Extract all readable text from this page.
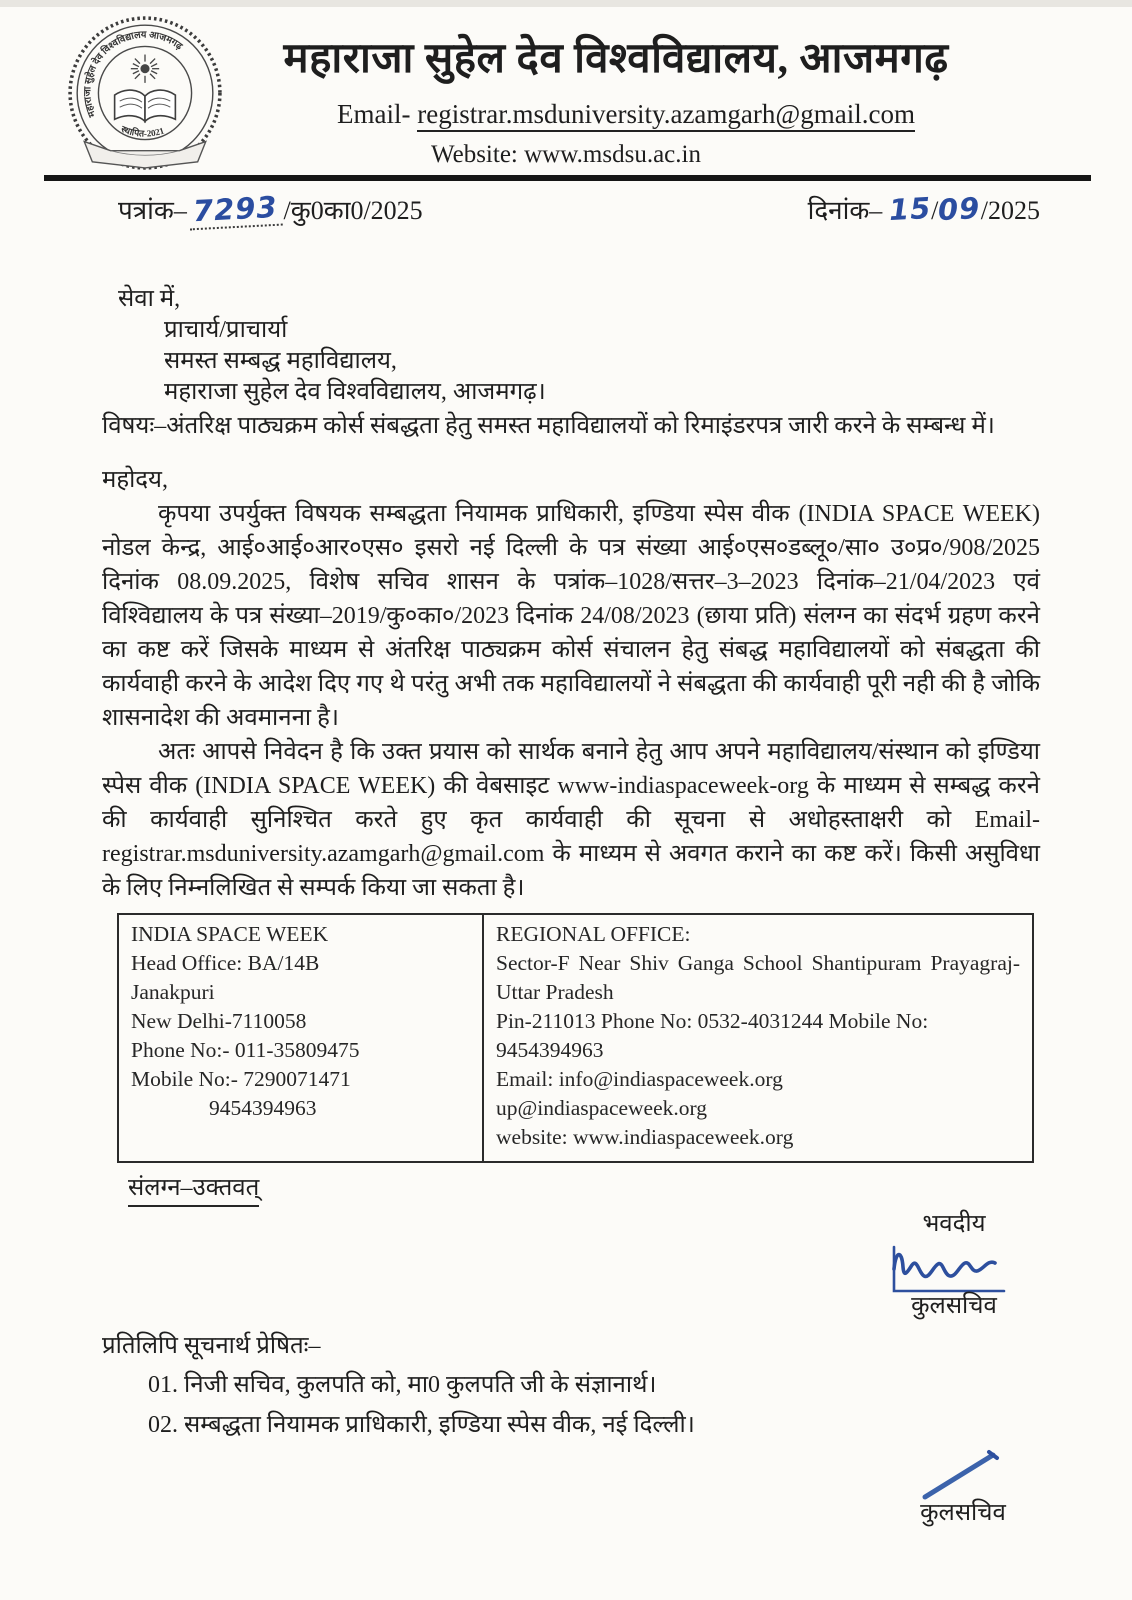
महाराजा सुहेल देव विश्वविद्यालय आजमगढ़
स्थापित-2021
महाराजा सुहेल देव विश्वविद्यालय, आजमगढ़
Email- registrar.msduniversity.azamgarh@gmail.com
Website: www.msdsu.ac.in
पत्रांक– 7293 /कु0का0/2025	दिनांक– 15/09/2025
सेवा में,
प्राचार्य/प्राचार्या
समस्त सम्बद्ध महाविद्यालय,
महाराजा सुहेल देव विश्वविद्यालय, आजमगढ़।
विषयः–अंतरिक्ष पाठ्यक्रम कोर्स संबद्धता हेतु समस्त महाविद्यालयों को रिमाइंडरपत्र जारी करने के सम्बन्ध में।
महोदय,

कृपया उपर्युक्त विषयक सम्बद्धता नियामक प्राधिकारी, इण्डिया स्पेस वीक (INDIA SPACE WEEK) नोडल केन्द्र, आई०आई०आर०एस० इसरो नई दिल्ली के पत्र संख्या आई०एस०डब्लू०/सा० उ०प्र०/908/2025 दिनांक 08.09.2025, विशेष सचिव शासन के पत्रांक–1028/सत्तर–3–2023 दिनांक–21/04/2023 एवं विश्विद्यालय के पत्र संख्या–2019/कु०का०/2023 दिनांक 24/08/2023 (छाया प्रति) संलग्न का संदर्भ ग्रहण करने का कष्ट करें जिसके माध्यम से अंतरिक्ष पाठ्यक्रम कोर्स संचालन हेतु संबद्ध महाविद्यालयों को संबद्धता की कार्यवाही करने के आदेश दिए गए थे परंतु अभी तक महाविद्यालयों ने संबद्धता की कार्यवाही पूरी नही की है जोकि शासनादेश की अवमानना है।

अतः आपसे निवेदन है कि उक्त प्रयास को सार्थक बनाने हेतु आप अपने महाविद्यालय/संस्थान को इण्डिया स्पेस वीक (INDIA SPACE WEEK) की वेबसाइट www-indiaspaceweek-org के माध्यम से सम्बद्ध करने की कार्यवाही सुनिश्चित करते हुए कृत कार्यवाही की सूचना से अधोहस्ताक्षरी को Email-registrar.msduniversity.azamgarh@gmail.com के माध्यम से अवगत कराने का कष्ट करें। किसी असुविधा के लिए निम्नलिखित से सम्पर्क किया जा सकता है।

INDIA SPACE WEEK
Head Office: BA/14B
Janakpuri
New Delhi-7110058
Phone No:- 011-35809475
Mobile No:- 7290071471
9454394963

REGIONAL OFFICE:
Sector-F Near Shiv Ganga School Shantipuram Prayagraj- Uttar Pradesh
Pin-211013 Phone No: 0532-4031244 Mobile No: 9454394963
Email: info@indiaspaceweek.org
up@indiaspaceweek.org
website: www.indiaspaceweek.org
संलग्न–उक्तवत्
भवदीय
कुलसचिव
प्रतिलिपि सूचनार्थ प्रेषितः–
01. निजी सचिव, कुलपति को, मा0 कुलपति जी के संज्ञानार्थ।
02. सम्बद्धता नियामक प्राधिकारी, इण्डिया स्पेस वीक, नई दिल्ली।
कुलसचिव
